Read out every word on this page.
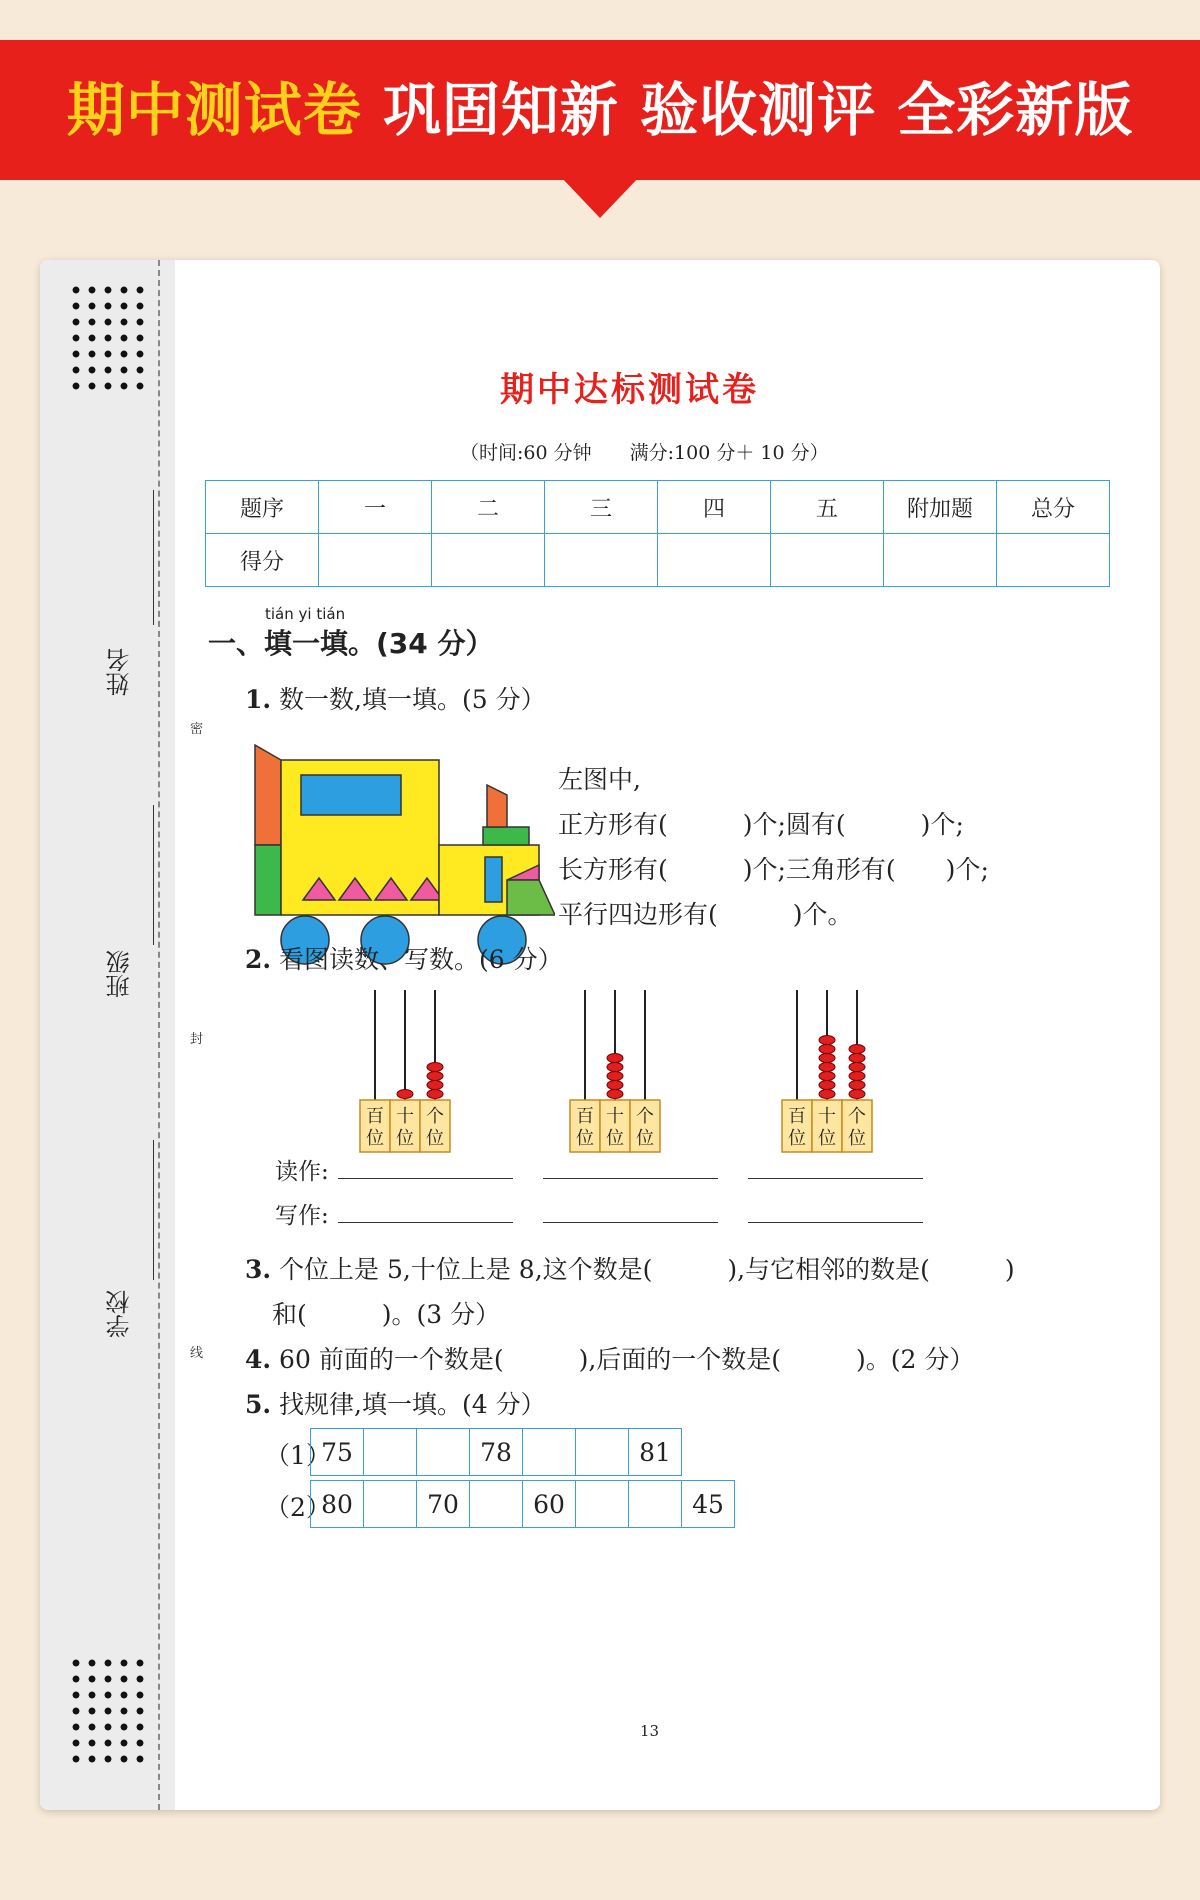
期中测试卷 巩固知新 验收测评 全彩新版
姓名
班级
学校
密
封
线
期中达标测试卷
（时间:60 分钟　　满分:100 分＋ 10 分）
题序	一	二	三	四	五	附加题	总分
得分							
tián yi tián
一、填一填。(34 分）
1. 数一数,填一填。(5 分）
左图中,
正方形有(　　　)个;圆有(　　　)个;
长方形有(　　　)个;三角形有(　　)个;
平行四边形有(　　　)个。
2. 看图读数、写数。(6 分）
百
位
十
位
个
位
百
位
十
位
个
位
百
位
十
位
个
位
读作:
写作:
3. 个位上是 5,十位上是 8,这个数是(　　　),与它相邻的数是(　　　)
和(　　　)。(3 分）
4. 60 前面的一个数是(　　　),后面的一个数是(　　　)。(2 分）
5. 找规律,填一填。(4 分）
（1）
75			78			81
（2）
80		70		60			45
13
